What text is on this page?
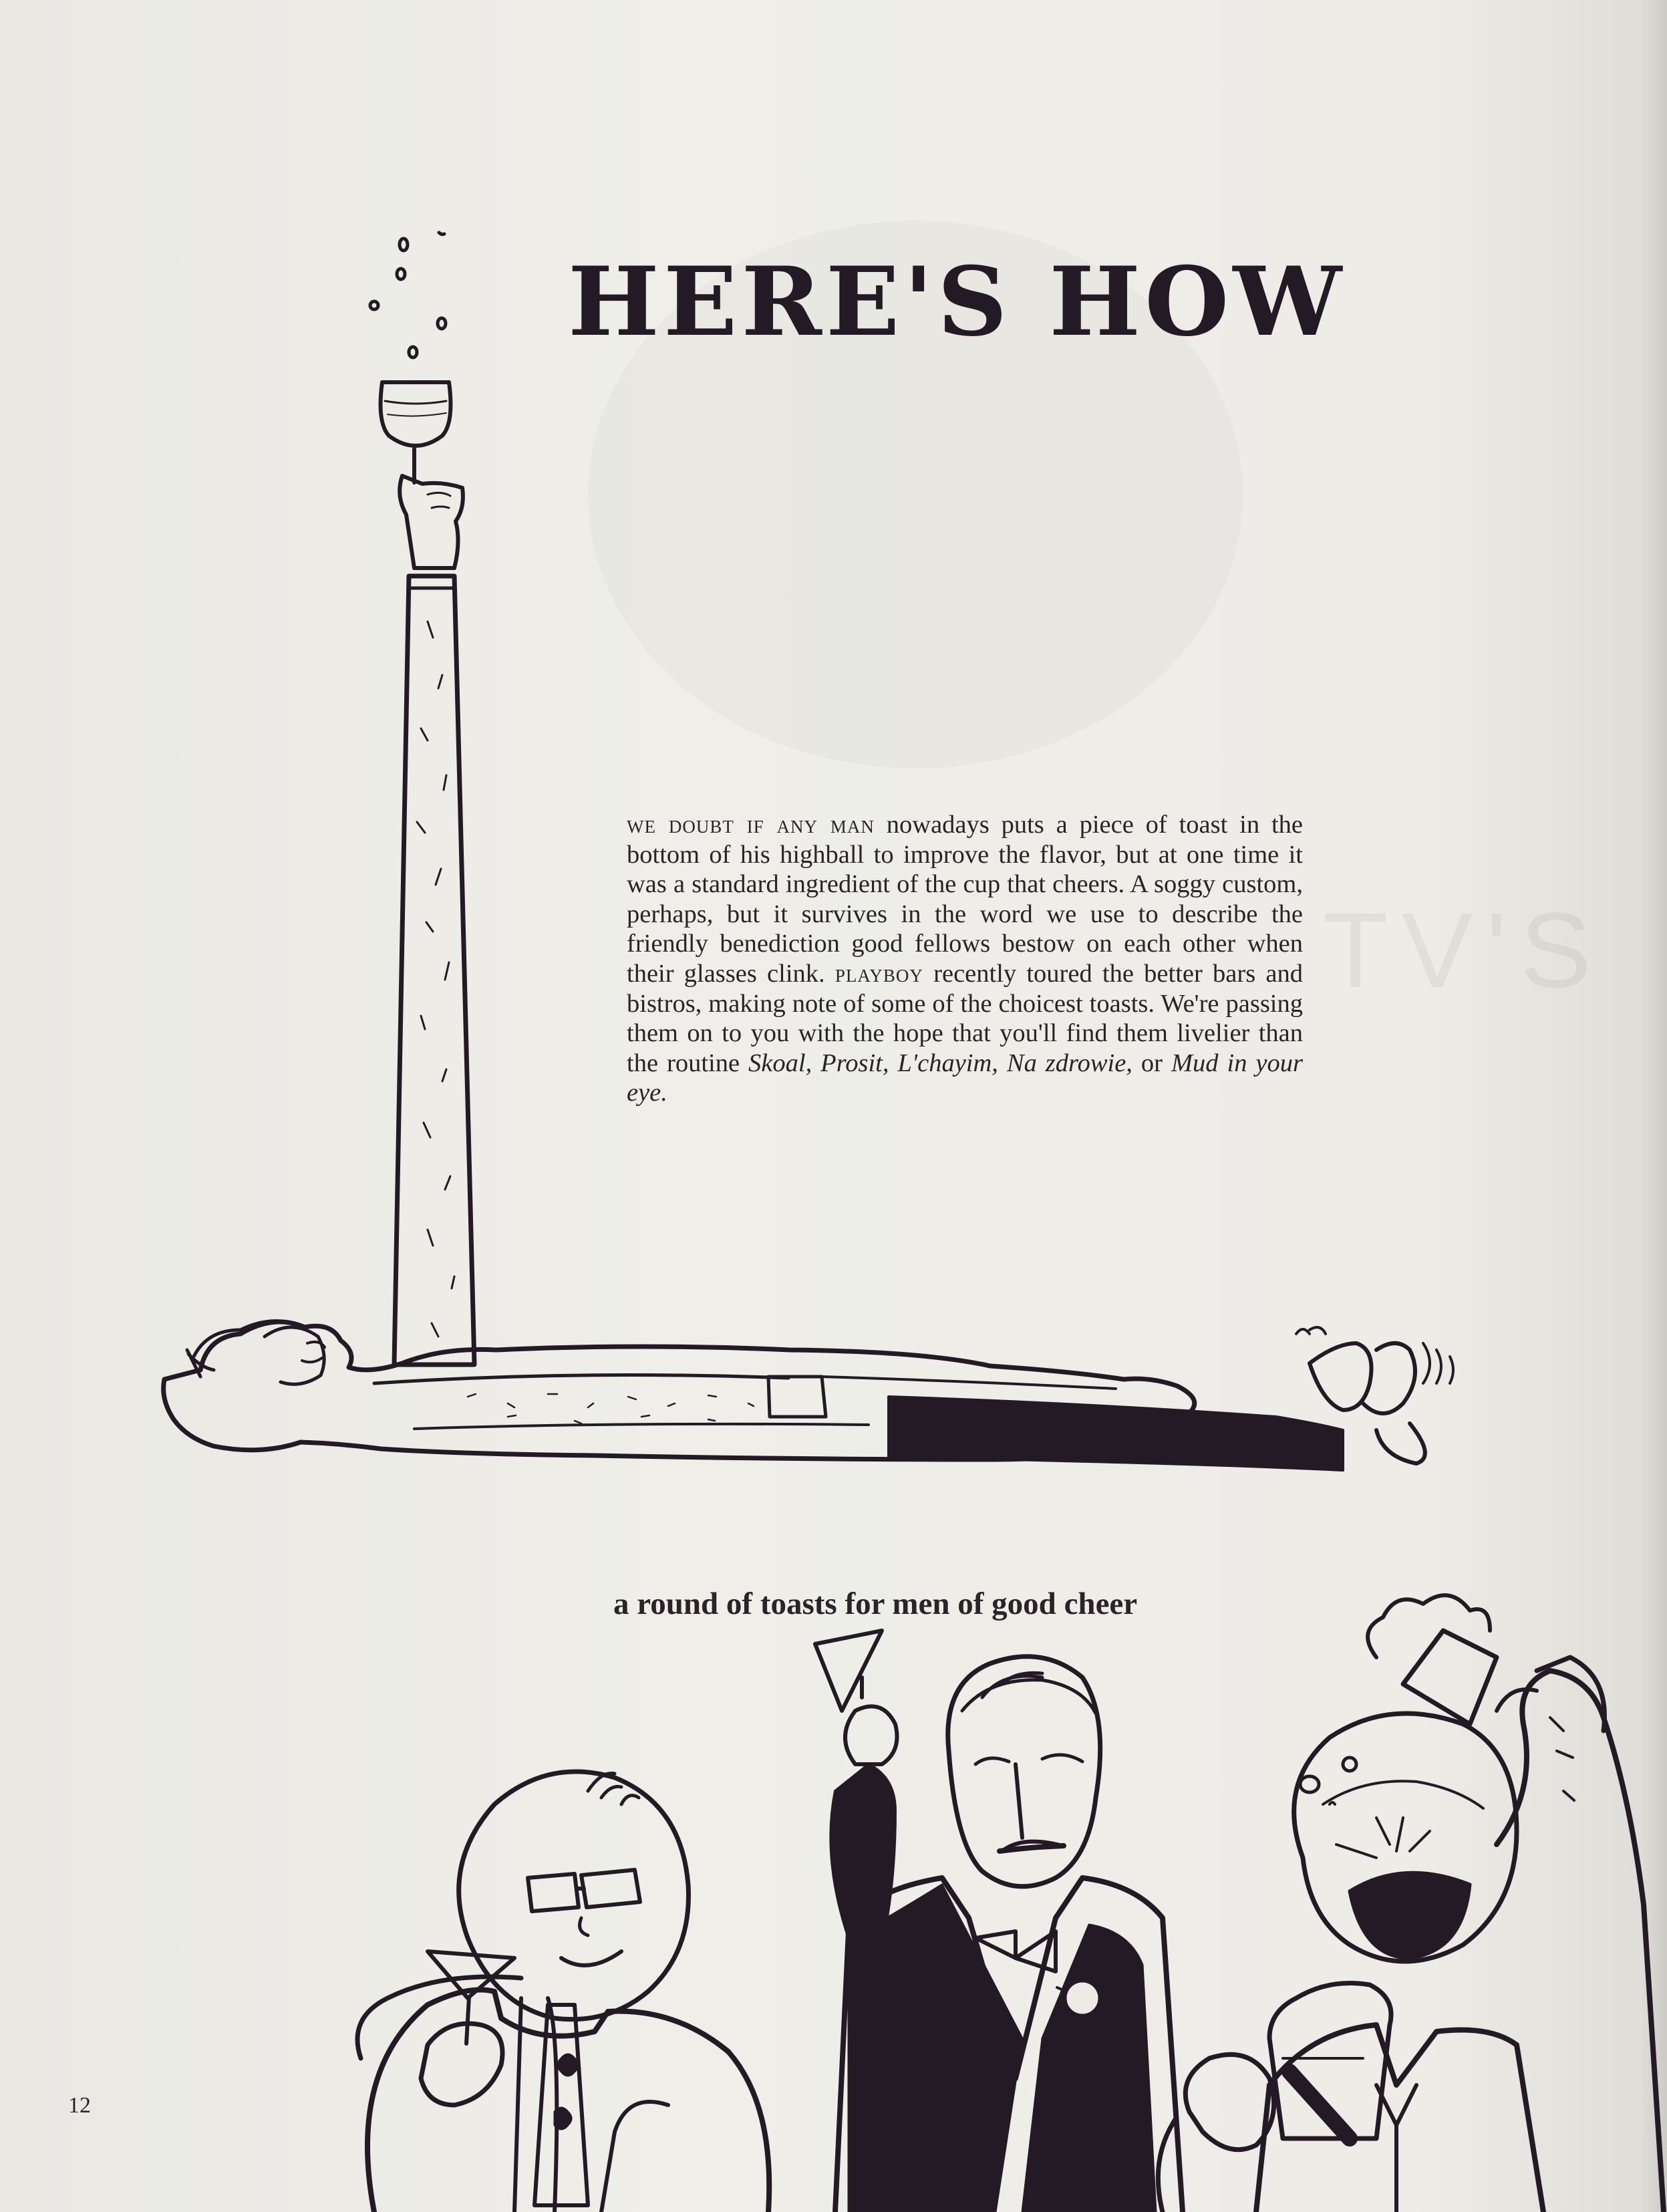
TV'S
HERE'S HOW
we doubt if any man nowadays puts a piece of toast in the bottom of his highball to improve the flavor, but at one time it was a standard ingredient of the cup that cheers. A soggy custom, perhaps, but it survives in the word we use to describe the friendly benediction good fellows bestow on each other when their glasses clink. playboy recently toured the better bars and bistros, making note of some of the choicest toasts. We're passing them on to you with the hope that you'll find them livelier than the routine Skoal, Prosit, L'chayim, Na zdrowie, or Mud in your eye.
a round of toasts for men of good cheer
12
